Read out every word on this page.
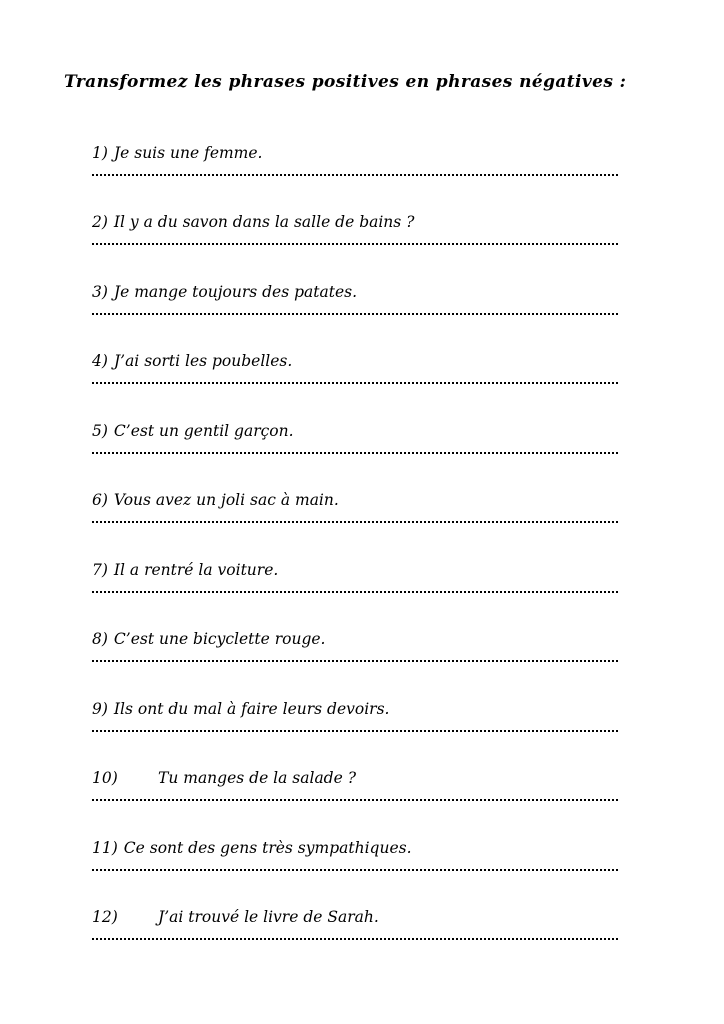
Transformez les phrases positives en phrases négatives :
1) Je suis une femme.
2) Il y a du savon dans la salle de bains ?
3) Je mange toujours des patates.
4) J’ai sorti les poubelles.
5) C’est un gentil garçon.
6) Vous avez un joli sac à main.
7) Il a rentré la voiture.
8) C’est une bicyclette rouge.
9) Ils ont du mal à faire leurs devoirs.
10)	Tu manges de la salade ?
11) Ce sont des gens très sympathiques.
12)	J’ai trouvé le livre de Sarah.
